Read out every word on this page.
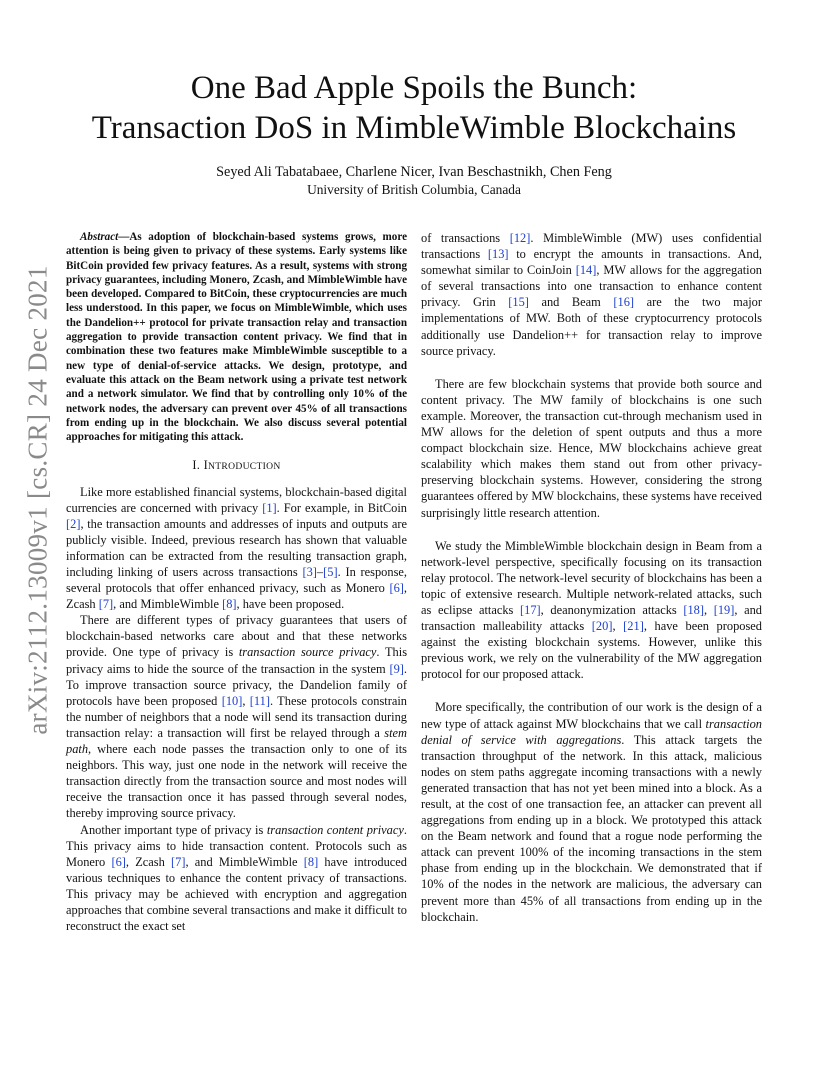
arXiv:2112.13009v1 [cs.CR] 24 Dec 2021
One Bad Apple Spoils the Bunch:
Transaction DoS in MimbleWimble Blockchains
Seyed Ali Tabatabaee, Charlene Nicer, Ivan Beschastnikh, Chen Feng
University of British Columbia, Canada

Abstract—As adoption of blockchain-based systems grows, more attention is being given to privacy of these systems. Early systems like BitCoin provided few privacy features. As a result, systems with strong privacy guarantees, including Monero, Zcash, and MimbleWimble have been developed. Compared to BitCoin, these cryptocurrencies are much less understood. In this paper, we focus on MimbleWimble, which uses the Dandelion++ protocol for private transaction relay and transaction aggregation to provide transaction content privacy. We find that in combination these two features make MimbleWimble susceptible to a new type of denial-of-service attacks. We design, prototype, and evaluate this attack on the Beam network using a private test network and a network simulator. We find that by controlling only 10% of the network nodes, the adversary can prevent over 45% of all transactions from ending up in the blockchain. We also discuss several potential approaches for mitigating this attack.

I. INTRODUCTION

Like more established financial systems, blockchain-based digital currencies are concerned with privacy [1]. For example, in BitCoin [2], the transaction amounts and addresses of inputs and outputs are publicly visible. Indeed, previous research has shown that valuable information can be extracted from the resulting transaction graph, including linking of users across transactions [3]–[5]. In response, several protocols that offer enhanced privacy, such as Monero [6], Zcash [7], and MimbleWimble [8], have been proposed.

There are different types of privacy guarantees that users of blockchain-based networks care about and that these networks provide. One type of privacy is transaction source privacy. This privacy aims to hide the source of the transaction in the system [9]. To improve transaction source privacy, the Dandelion family of protocols have been proposed [10], [11]. These protocols constrain the number of neighbors that a node will send its transaction during transaction relay: a transaction will first be relayed through a stem path, where each node passes the transaction only to one of its neighbors. This way, just one node in the network will receive the transaction directly from the transaction source and most nodes will receive the transaction once it has passed through several nodes, thereby improving source privacy.

Another important type of privacy is transaction content privacy. This privacy aims to hide transaction content. Protocols such as Monero [6], Zcash [7], and MimbleWimble [8] have introduced various techniques to enhance the content privacy of transactions. This privacy may be achieved with encryption and aggregation approaches that combine several transactions and make it difficult to reconstruct the exact set

of transactions [12]. MimbleWimble (MW) uses confidential transactions [13] to encrypt the amounts in transactions. And, somewhat similar to CoinJoin [14], MW allows for the aggregation of several transactions into one transaction to enhance content privacy. Grin [15] and Beam [16] are the two major implementations of MW. Both of these cryptocurrency protocols additionally use Dandelion++ for transaction relay to improve source privacy.

There are few blockchain systems that provide both source and content privacy. The MW family of blockchains is one such example. Moreover, the transaction cut-through mechanism used in MW allows for the deletion of spent outputs and thus a more compact blockchain size. Hence, MW blockchains achieve great scalability which makes them stand out from other privacy-preserving blockchain systems. However, considering the strong guarantees offered by MW blockchains, these systems have received surprisingly little research attention.

We study the MimbleWimble blockchain design in Beam from a network-level perspective, specifically focusing on its transaction relay protocol. The network-level security of blockchains has been a topic of extensive research. Multiple network-related attacks, such as eclipse attacks [17], deanonymization attacks [18], [19], and transaction malleability attacks [20], [21], have been proposed against the existing blockchain systems. However, unlike this previous work, we rely on the vulnerability of the MW aggregation protocol for our proposed attack.

More specifically, the contribution of our work is the design of a new type of attack against MW blockchains that we call transaction denial of service with aggregations. This attack targets the transaction throughput of the network. In this attack, malicious nodes on stem paths aggregate incoming transactions with a newly generated transaction that has not yet been mined into a block. As a result, at the cost of one transaction fee, an attacker can prevent all aggregations from ending up in a block. We prototyped this attack on the Beam network and found that a rogue node performing the attack can prevent 100% of the incoming transactions in the stem phase from ending up in the blockchain. We demonstrated that if 10% of the nodes in the network are malicious, the adversary can prevent more than 45% of all transactions from ending up in the blockchain.
